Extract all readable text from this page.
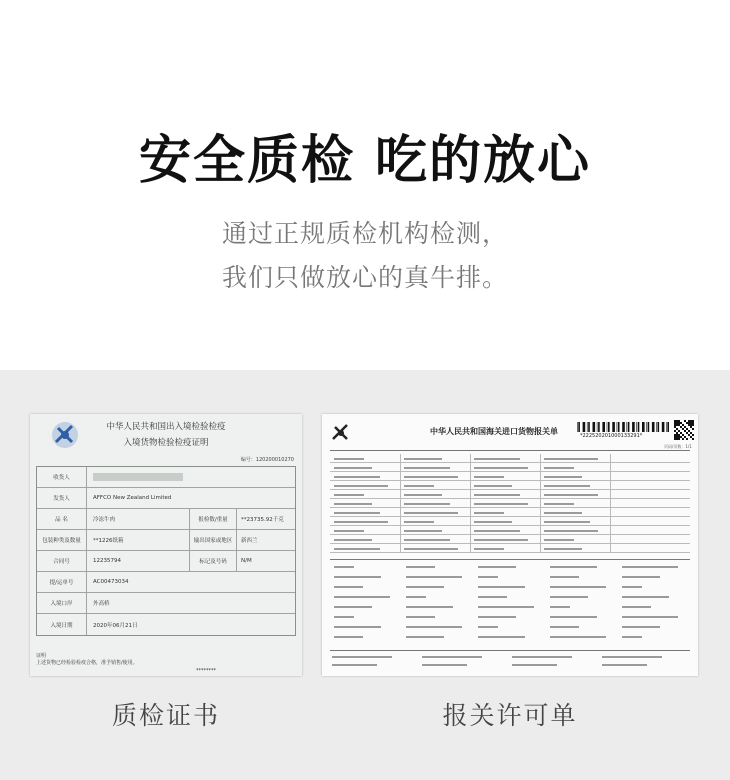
安全质检 吃的放心
通过正规质检机构检测，
我们只做放心的真牛排。
中华人民共和国出入境检验检疫
入境货物检验检疫证明
编号：120200010270
收货人
发货人	AFFCO New Zealand Limited
品 名	冷冻牛肉	报检数/重量	**23735.92千克
包装种类及数量	**1226纸箱	输出国家或地区	新西兰
合同号	12235794	标记及号码	N/M
提/运单号	AC00473034
入境口岸	外高桥
入境日期	2020年06月21日
证明
上述货物已经检验检疫合格，准予销售/使用。
********
中华人民共和国海关进口货物报关单	*222520201000133291*
页码/页数：1/1
质检证书	报关许可单
